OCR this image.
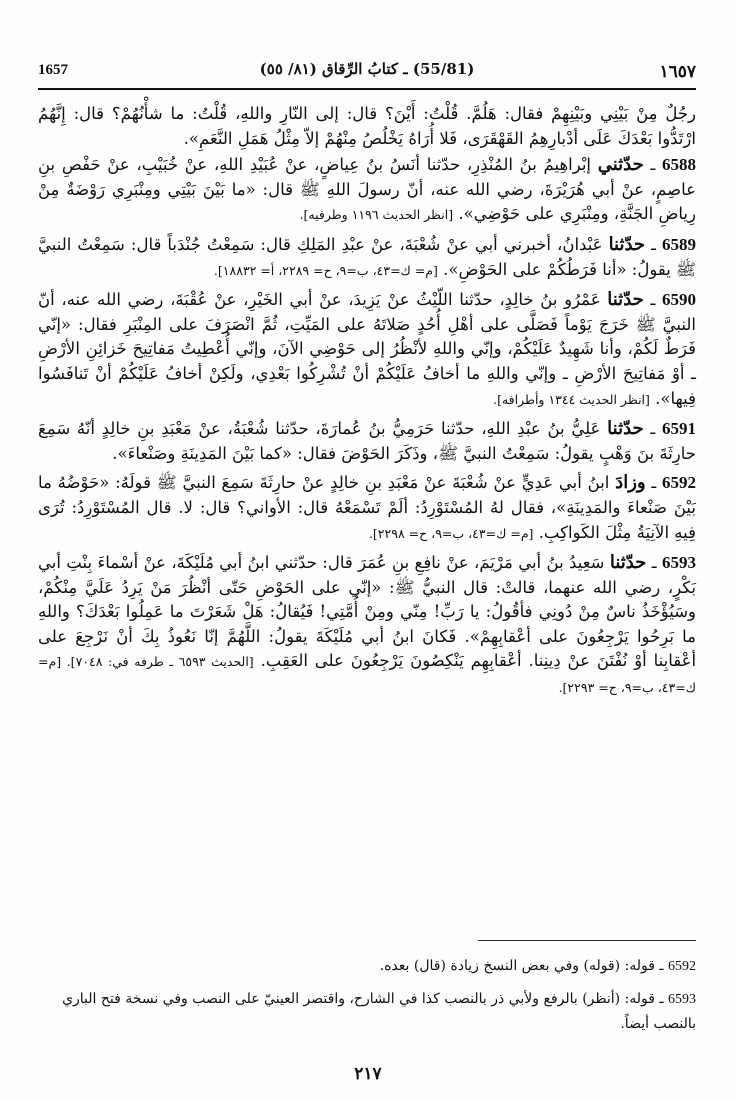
1657	(55/81) ـ كتابُ الرِّقاق (٨١/ ٥٥)	١٦٥٧

رجُلٌ مِنْ بَيْنِي وبَيْنِهِمْ فقال: هَلُمَّ. قُلْتُ: أَيْنَ؟ قال: إلى النّارِ واللهِ، قُلْتُ: ما شأْنُهُمْ؟ قال: إِنَّهُمُ ارْتَدُّوا بَعْدَكَ عَلَى أدْبارِهِمُ القَهْقَرَى، فَلا أُرَاهُ يَخْلُصُ مِنْهُمْ إلاّ مِثْلُ هَمَلِ النَّعَمِ».

6588 ـ حدّثني إبْراهِيمُ بنُ المُنْذِرِ، حدّثنا أنَسُ بنُ عِياضٍ، عنْ عُبَيْدِ اللهِ، عنْ خُبَيْبِ، عنْ حَفْصِ بنِ عاصِمٍ، عنْ أبي هُرَيْرَةَ، رضي الله عنه، أنّ رسولَ اللهِ ﷺ قال: «ما بَيْنَ بَيْتِي ومِنْبَرِي رَوْضَةٌ مِنْ رِياضِ الجَنَّةِ، ومِنْبَرِي على حَوْضِي». [انظر الحديث ١١٩٦ وطرفيه].

6589 ـ حدّثنا عَبْدانُ، أخبرني أبي عنْ شُعْبَةَ، عنْ عبْدِ المَلِكِ قال: سَمِعْتُ جُنْدَباً قال: سَمِعْتُ النبيَّ ﷺ يقولُ: «أنا فَرَطُكُمْ على الحَوْضِ». [م= ك=٤٣، ب=٩، ح= ٢٢٨٩، أ= ١٨٨٣٢].

6590 ـ حدّثنا عَمْرُو بنُ خالِدٍ، حدّثنا اللّيْثُ عنْ يَزِيدَ، عنْ أبي الخَيْرِ، عنْ عُقْبَةَ، رضي الله عنه، أنّ النبيَّ ﷺ خَرَجَ يَوْماً فَصَلَّى على أهْلِ أُحُدٍ صَلاتَهُ على المَيِّتِ، ثُمَّ انْصَرَفَ على المِنْبَرِ فقال: «إنّي فَرَطٌ لَكُمْ، وأنا شَهِيدٌ عَلَيْكُمْ، وإنّي واللهِ لأنْظُرُ إلى حَوْضِي الآنَ، وإنّي أُعْطِيتُ مَفاتِيحَ خَزائِنِ الأرْضِ ـ أوْ مَفاتِيحَ الأرْضِ ـ وإنّي واللهِ ما أخافُ عَلَيْكُمْ أنْ تُشْرِكُوا بَعْدِي، ولَكِنْ أخافُ عَلَيْكُمْ أنْ تَنافَسُوا فِيها». [انظر الحديث ١٣٤٤ وأطرافه].

6591 ـ حدّثنا عَلِيُّ بنُ عبْدِ اللهِ، حدّثنا حَرَمِيُّ بنُ عُمارَةَ، حدّثنا شُعْبَةُ، عنْ مَعْبَدِ بنِ خالِدٍ أنّهُ سَمِعَ حارِثَةَ بنَ وَهْبٍ يقولُ: سَمِعْتُ النبيَّ ﷺ، وذَكَرَ الحَوْضَ فقال: «كما بَيْنَ المَدِينَةِ وصَنْعاءَ».

6592 ـ وزادَ ابنُ أبي عَدِيٍّ عنْ شُعْبَةَ عنْ مَعْبَدِ بنِ خالِدٍ عنْ حارِثَةَ سَمِعَ النبيَّ ﷺ قولَهُ: «حَوْضُهُ ما بَيْنَ صَنْعاءَ والمَدِينَةِ»، فقال لهُ المُسْتَوْرِدُ: ألَمْ تَسْمَعْهُ قال: الأواني؟ قال: لا. قال المُسْتَوْرِدُ: تُرَى فِيهِ الآنِيَةُ مِثْلَ الكَواكِبِ. [م= ك=٤٣، ب=٩، ح= ٢٢٩٨].

6593 ـ حدّثنا سَعِيدُ بنُ أبي مَرْيَمَ، عنْ نافِعِ بنِ عُمَرَ قال: حدّثني ابنُ أبي مُلَيْكَةَ، عنْ أسْماءَ بِنْتِ أبي بَكْرٍ، رضي الله عنهما، قالتْ: قال النبيُّ ﷺ: «إنّي على الحَوْضِ حَتّى أنْظُرَ مَنْ يَرِدُ عَلَيَّ مِنْكُمْ، وسَيُؤْخَذُ ناسٌ مِنْ دُونِي فأقُولُ: يا رَبِّ! مِنّي ومِنْ أُمَّتِي! فَيُقالُ: هَلْ شَعَرْتَ ما عَمِلُوا بَعْدَكَ؟ واللهِ ما بَرِحُوا يَرْجِعُونَ على أعْقابِهِمْ». فَكانَ ابنُ أبي مُلَيْكَةَ يقولُ: اللَّهُمَّ إنّا نَعُوذُ بِكَ أنْ نَرْجِعَ على أعْقابِنا أوْ نُفْتَنَ عنْ دِينِنا. أعْقابِهِم يَنْكِصُونَ يَرْجِعُونَ على العَقِبِ. [الحديث ٦٥٩٣ ـ طرفه في: ٧٠٤٨]. [م= ك=٤٣، ب=٩، ح= ٢٢٩٣].

6592 ـ قوله: (قوله) وفي بعض النسخ زيادة (قال) بعده.

6593 ـ قوله: (أنظر) بالرفع ولأبي ذر بالنصب كذا في الشارح، واقتصر العينيّ على النصب وفي نسخة فتح الباري بالنصب أيضاً.

٢١٧
